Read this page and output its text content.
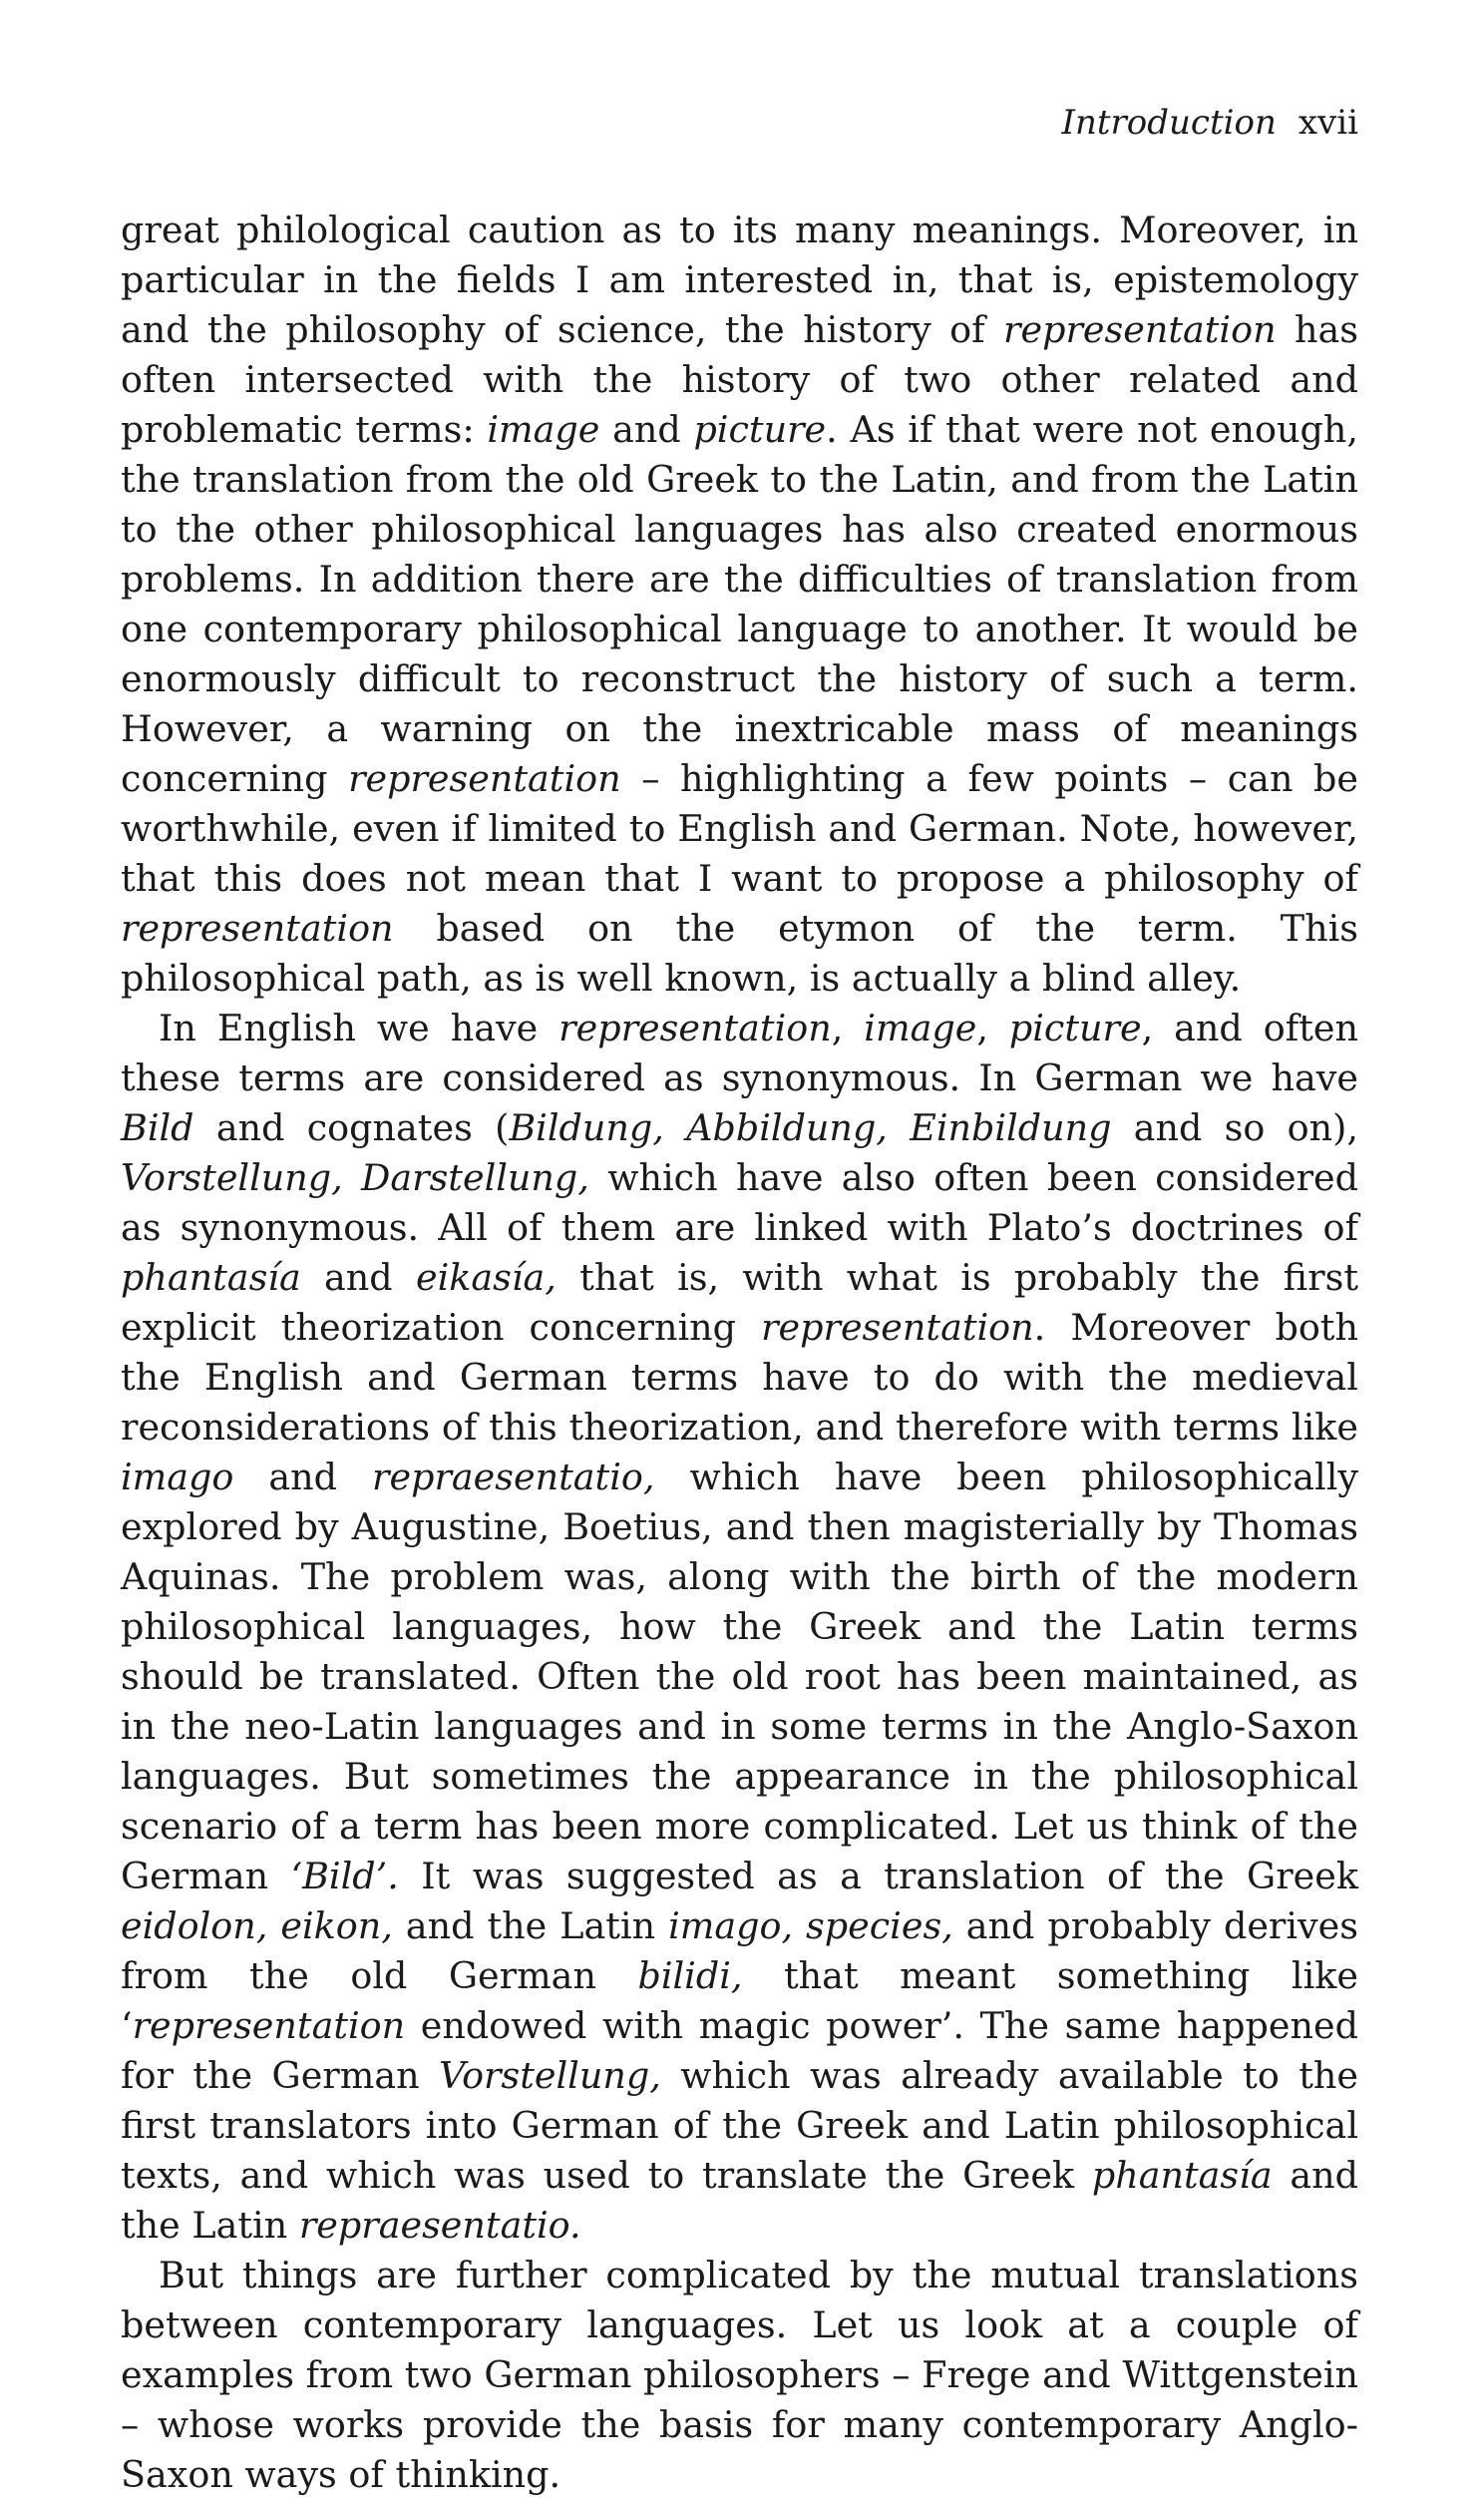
Introduction xvii

great philological caution as to its many meanings. Moreover, in particular in the fields I am interested in, that is, epistemology and the philosophy of science, the history of representation has often intersected with the history of two other related and problematic terms: image and picture. As if that were not enough, the translation from the old Greek to the Latin, and from the Latin to the other philosophical languages has also created enormous problems. In addition there are the difficulties of translation from one contemporary philosophical language to another. It would be enormously difficult to reconstruct the history of such a term. However, a warning on the inextricable mass of meanings concerning representation – highlighting a few points – can be worthwhile, even if limited to English and German. Note, however, that this does not mean that I want to propose a philosophy of representation based on the etymon of the term. This philosophical path, as is well known, is actually a blind alley.

In English we have representation, image, picture, and often these terms are considered as synonymous. In German we have Bild and cognates (Bildung, Abbildung, Einbildung and so on), Vorstellung, Darstellung, which have also often been considered as synonymous. All of them are linked with Plato’s doctrines of phantasía and eikasía, that is, with what is probably the first explicit theorization concerning representation. Moreover both the English and German terms have to do with the medieval reconsiderations of this theorization, and therefore with terms like imago and repraesentatio, which have been philosophically explored by Augustine, Boetius, and then magisterially by Thomas Aquinas. The problem was, along with the birth of the modern philosophical languages, how the Greek and the Latin terms should be translated. Often the old root has been maintained, as in the neo-Latin languages and in some terms in the Anglo-Saxon languages. But sometimes the appearance in the philosophical scenario of a term has been more complicated. Let us think of the German ‘Bild’. It was suggested as a translation of the Greek eidolon, eikon, and the Latin imago, species, and probably derives from the old German bilidi, that meant something like ‘representation endowed with magic power’. The same happened for the German Vorstellung, which was already available to the first translators into German of the Greek and Latin philosophical texts, and which was used to translate the Greek phantasía and the Latin repraesentatio.

But things are further complicated by the mutual translations between contemporary languages. Let us look at a couple of examples from two German philosophers – Frege and Wittgenstein – whose works provide the basis for many contemporary Anglo-Saxon ways of thinking.
